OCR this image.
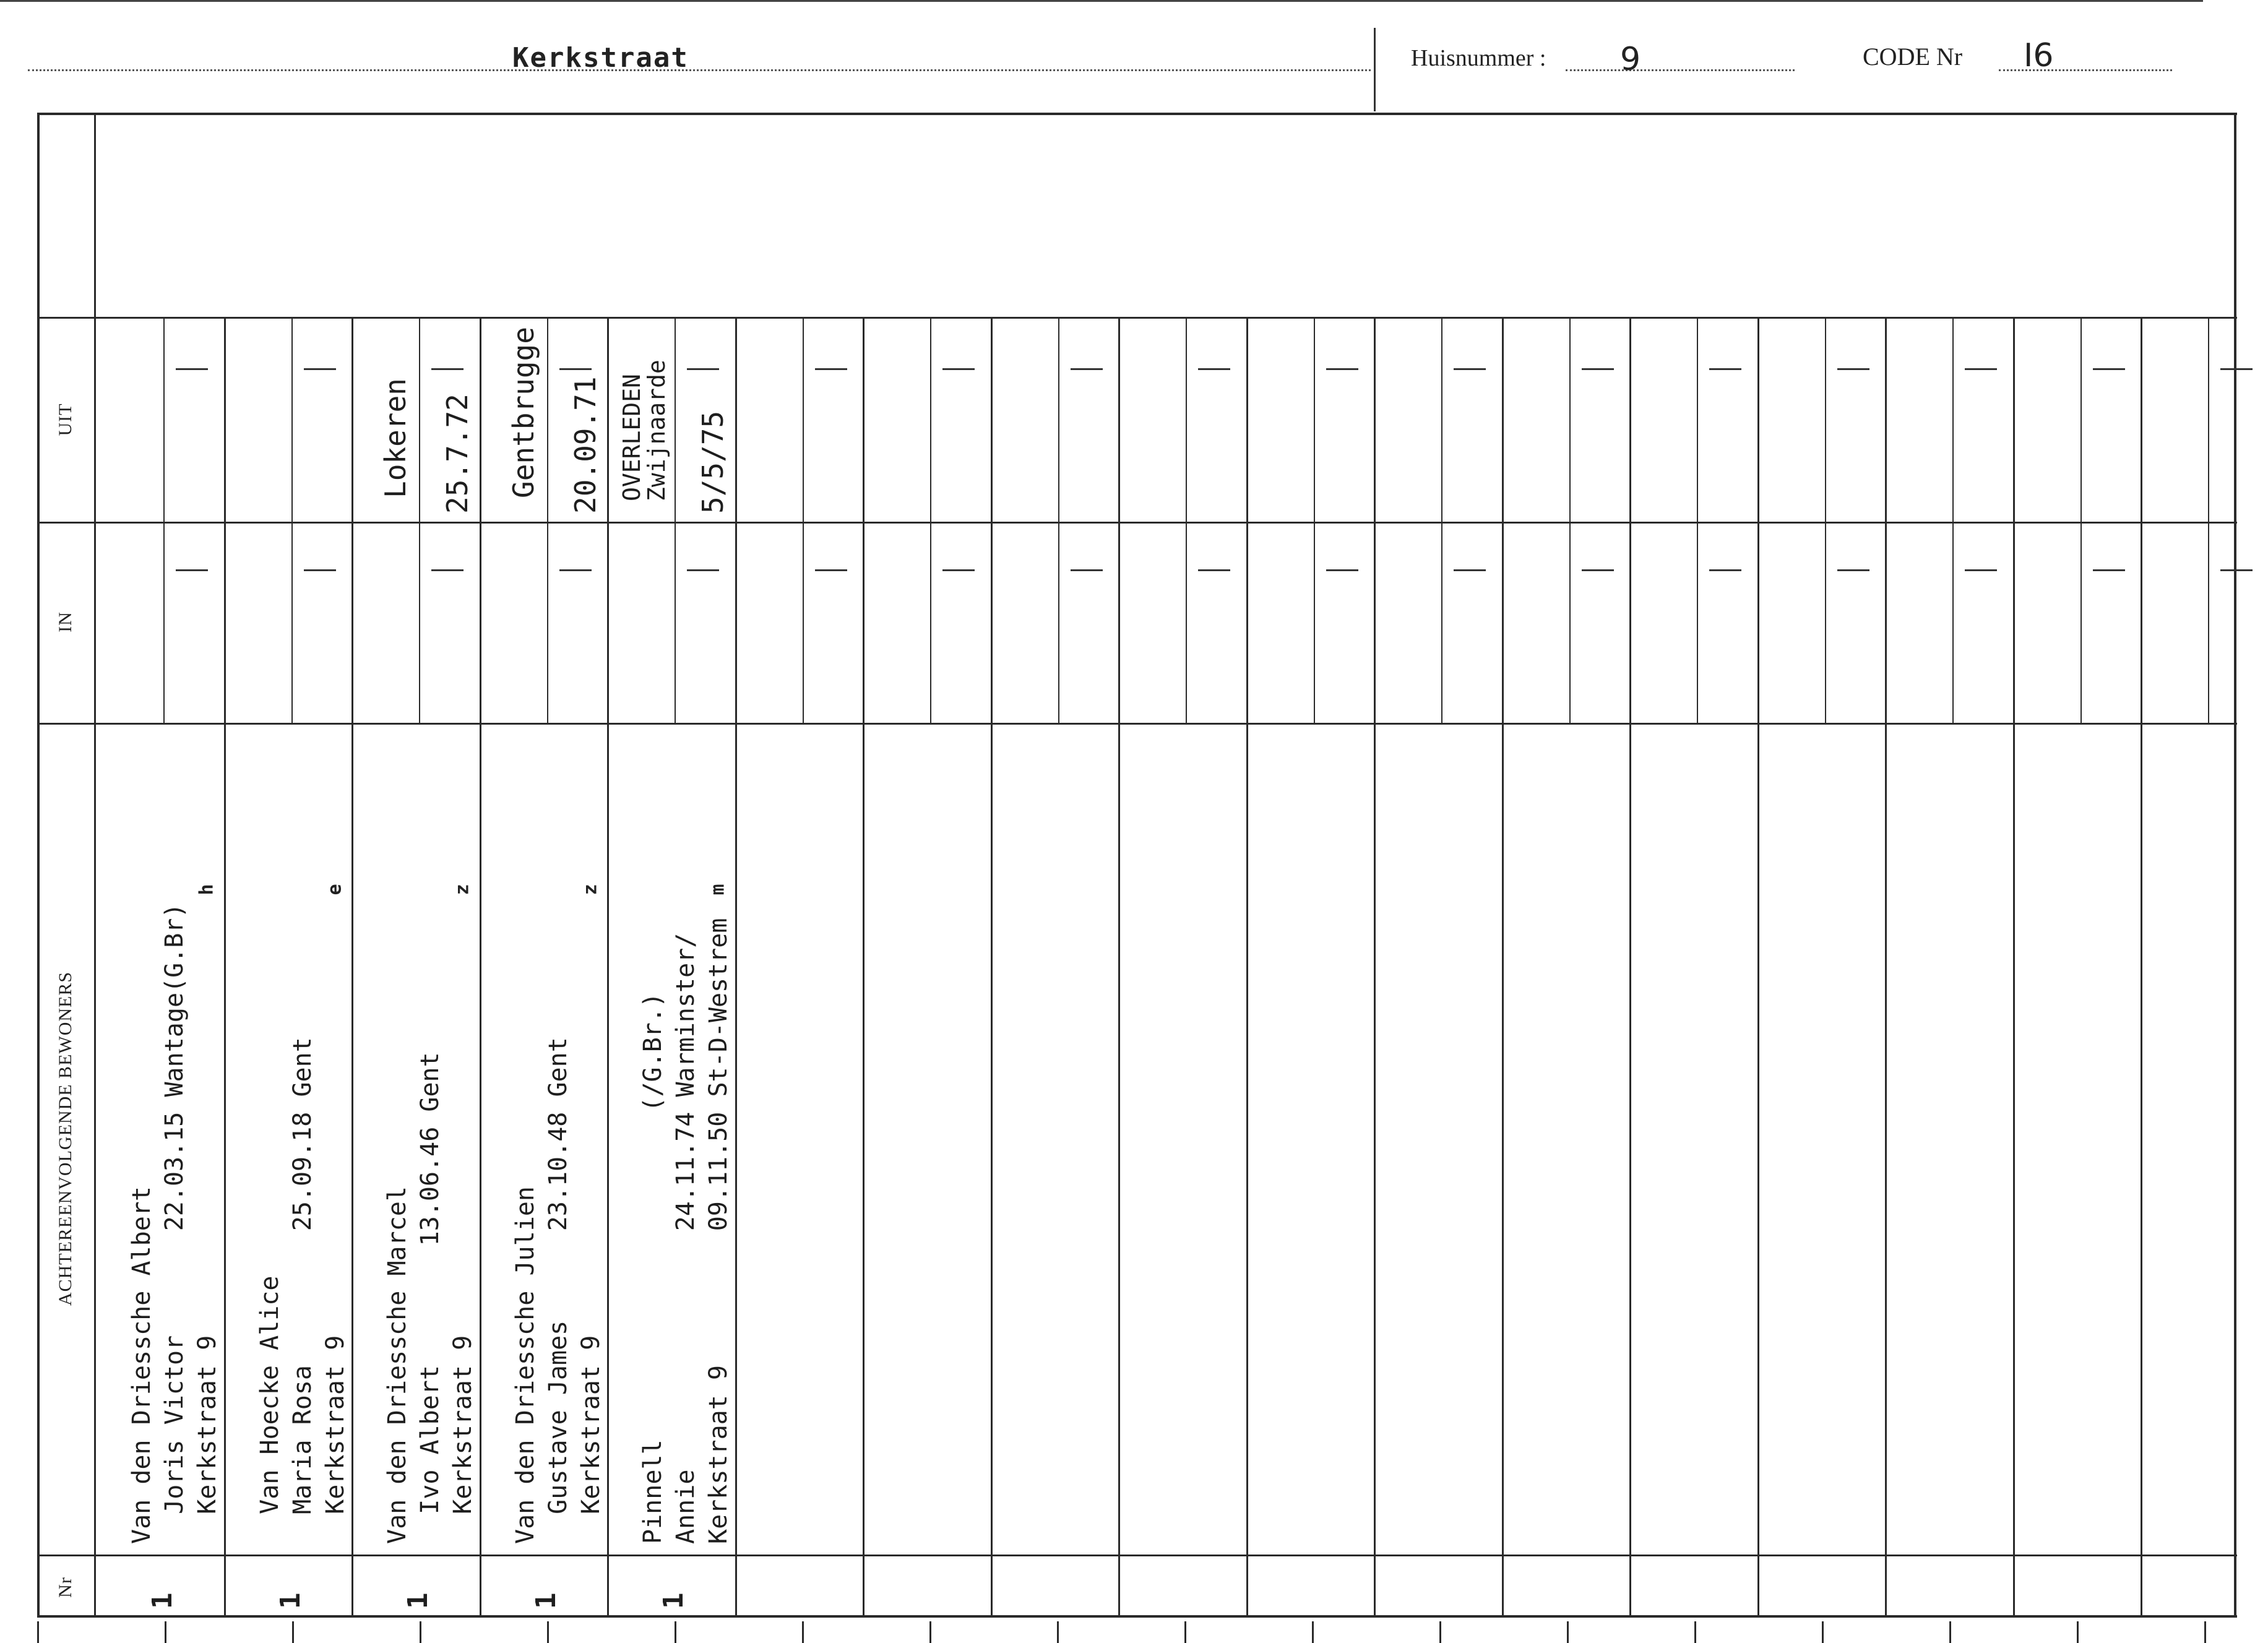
Kerkstraat	Huisnummer : 9	CODE Nr I6
UIT
IN
ACHTEREENVOLGENDE BEWONERS
Nr
Van den Driessche Albert
Joris Victor       22.03.15 Wantage(G.Br)
Kerkstraat 9
h
1
Van Hoecke Alice
Maria Rosa         25.09.18 Gent
Kerkstraat 9
e
1
Van den Driessche Marcel
Ivo Albert        13.06.46 Gent
Kerkstraat 9
z
1
Lokeren 25.7.72
Van den Driessche Julien
Gustave James      23.10.48 Gent
Kerkstraat 9
z
1
Gentbrugge 20.09.71
Pinnell                      (/G.Br.)
Annie                24.11.74 Warminster/
Kerkstraat 9         09.11.50 St-D-Westrem
m
1
OVERLEDEN
Zwijnaarde 5/5/75
